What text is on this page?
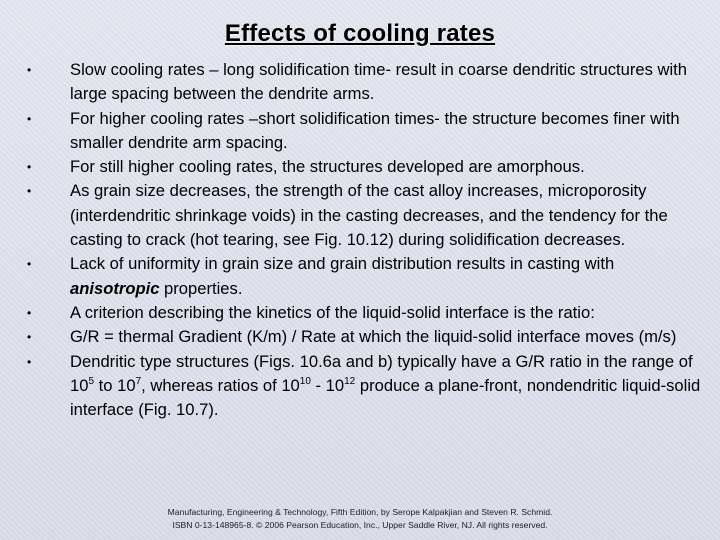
Effects of cooling rates

• Slow cooling rates – long solidification time- result in coarse dendritic structures with large spacing between the dendrite arms.

• For higher cooling rates –short solidification times- the structure becomes finer with smaller dendrite arm spacing.

• For still higher cooling rates, the structures developed are amorphous.

• As grain size decreases, the strength of the cast alloy increases, microporosity (interdendritic shrinkage voids) in the casting decreases, and the tendency for the casting to crack (hot tearing, see Fig. 10.12) during solidification decreases.

• Lack of uniformity in grain size and grain distribution results in casting with anisotropic properties.

• A criterion describing the kinetics of the liquid-solid interface is the ratio:

• G/R = thermal Gradient (K/m) / Rate at which the liquid-solid interface moves (m/s)

• Dendritic type structures (Figs. 10.6a and b) typically have a G/R ratio in the range of $10^5$ to $10^7$, whereas ratios of $10^{10} - 10^{12}$ produce a plane-front, nondendritic liquid-solid interface (Fig. 10.7).

Manufacturing, Engineering & Technology, Fifth Edition, by Serope Kalpakjian and Steven R. Schmid.
ISBN 0-13-148965-8. © 2006 Pearson Education, Inc., Upper Saddle River, NJ. All rights reserved.
